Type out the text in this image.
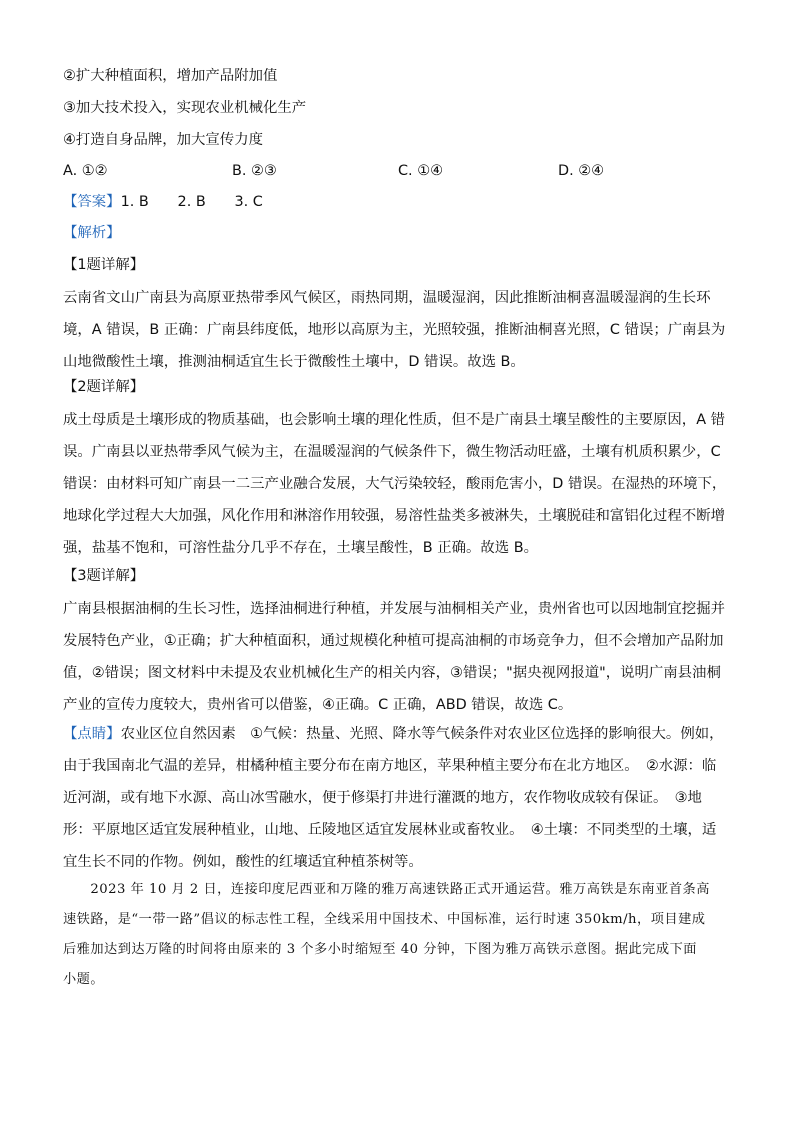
②扩大种植面积，增加产品附加值
③加大技术投入，实现农业机械化生产
④打造自身品牌，加大宣传力度
A. ①②	B. ②③	C. ①④	D. ②④
【答案】1. B　　2. B　　3. C
【解析】
【1题详解】
云南省文山广南县为高原亚热带季风气候区，雨热同期，温暖湿润，因此推断油桐喜温暖湿润的生长环
境，A 错误，B 正确：广南县纬度低，地形以高原为主，光照较强，推断油桐喜光照，C 错误；广南县为
山地微酸性土壤，推测油桐适宜生长于微酸性土壤中，D 错误。故选 B。
【2题详解】
成土母质是土壤形成的物质基础，也会影响土壤的理化性质，但不是广南县土壤呈酸性的主要原因，A 错
误。广南县以亚热带季风气候为主，在温暖湿润的气候条件下，微生物活动旺盛，土壤有机质积累少，C
错误：由材料可知广南县一二三产业融合发展，大气污染较轻，酸雨危害小，D 错误。在湿热的环境下，
地球化学过程大大加强，风化作用和淋溶作用较强，易溶性盐类多被淋失，土壤脱硅和富铝化过程不断增
强，盐基不饱和，可溶性盐分几乎不存在，土壤呈酸性，B 正确。故选 B。
【3题详解】
广南县根据油桐的生长习性，选择油桐进行种植，并发展与油桐相关产业，贵州省也可以因地制宜挖掘并
发展特色产业，①正确；扩大种植面积，通过规模化种植可提高油桐的市场竞争力，但不会增加产品附加
值，②错误；图文材料中未提及农业机械化生产的相关内容，③错误；"据央视网报道"，说明广南县油桐
产业的宣传力度较大，贵州省可以借鉴，④正确。C 正确，ABD 错误，故选 C。
【点睛】农业区位自然因素　①气候：热量、光照、降水等气候条件对农业区位选择的影响很大。例如，
由于我国南北气温的差异，柑橘种植主要分布在南方地区，苹果种植主要分布在北方地区。　②水源：临
近河湖，或有地下水源、高山冰雪融水，便于修渠打井进行灌溉的地方，农作物收成较有保证。　③地
形：平原地区适宜发展种植业，山地、丘陵地区适宜发展林业或畜牧业。　④土壤：不同类型的土壤，适
宜生长不同的作物。例如，酸性的红壤适宜种植茶树等。
　　2023 年 10 月 2 日，连接印度尼西亚和万隆的雅万高速铁路正式开通运营。雅万高铁是东南亚首条高
速铁路，是“一带一路”倡议的标志性工程，全线采用中国技术、中国标准，运行时速 350km/h，项目建成
后雅加达到达万隆的时间将由原来的 3 个多小时缩短至 40 分钟，下图为雅万高铁示意图。据此完成下面
小题。
